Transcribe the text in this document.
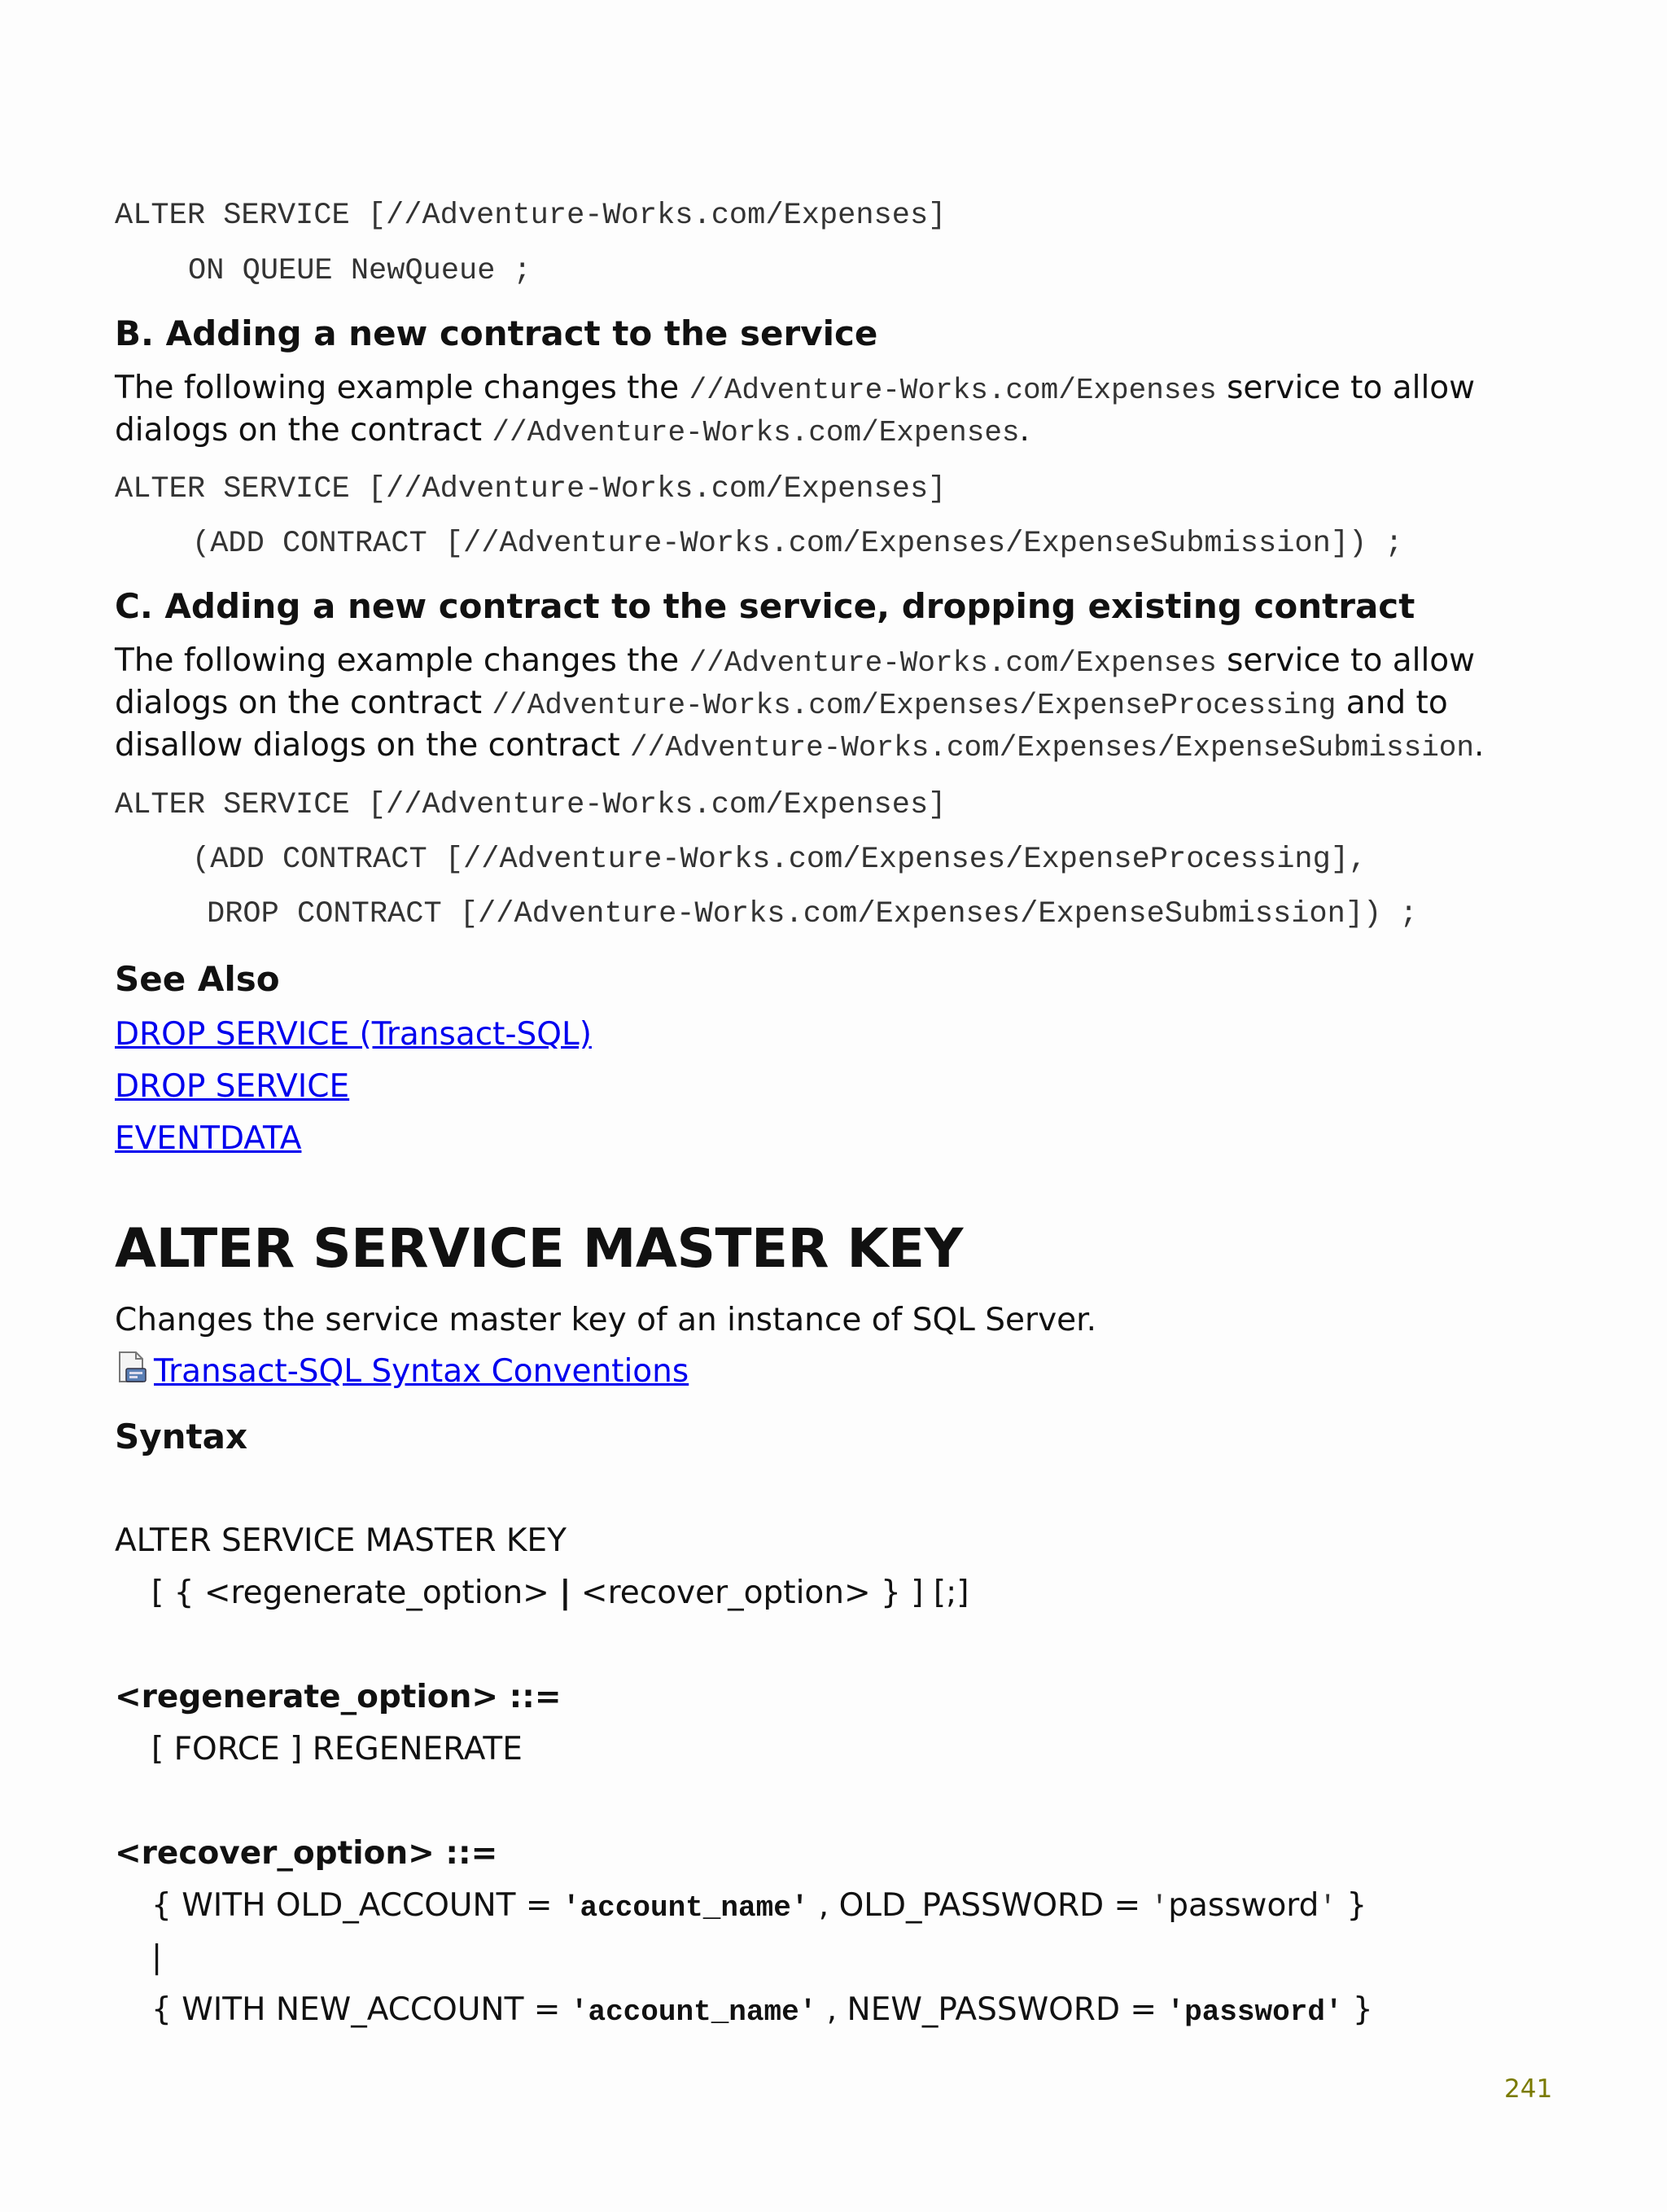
ALTER SERVICE [//Adventure-Works.com/Expenses]
ON QUEUE NewQueue ;
B. Adding a new contract to the service
The following example changes the //Adventure-Works.com/Expenses service to allow
dialogs on the contract //Adventure-Works.com/Expenses.
ALTER SERVICE [//Adventure-Works.com/Expenses]
(ADD CONTRACT [//Adventure-Works.com/Expenses/ExpenseSubmission]) ;
C. Adding a new contract to the service, dropping existing contract
The following example changes the //Adventure-Works.com/Expenses service to allow
dialogs on the contract //Adventure-Works.com/Expenses/ExpenseProcessing and to
disallow dialogs on the contract //Adventure-Works.com/Expenses/ExpenseSubmission.
ALTER SERVICE [//Adventure-Works.com/Expenses]
(ADD CONTRACT [//Adventure-Works.com/Expenses/ExpenseProcessing],
DROP CONTRACT [//Adventure-Works.com/Expenses/ExpenseSubmission]) ;
See Also
DROP SERVICE (Transact-SQL)
DROP SERVICE
EVENTDATA
ALTER SERVICE MASTER KEY
Changes the service master key of an instance of SQL Server.
Transact-SQL Syntax Conventions
Syntax
ALTER SERVICE MASTER KEY
[ { <regenerate_option> | <recover_option> } ] [;]
<regenerate_option> ::=
[ FORCE ] REGENERATE
<recover_option> ::=
{ WITH OLD_ACCOUNT = 'account_name' , OLD_PASSWORD = 'password' }
|
{ WITH NEW_ACCOUNT = 'account_name' , NEW_PASSWORD = 'password' }
241
